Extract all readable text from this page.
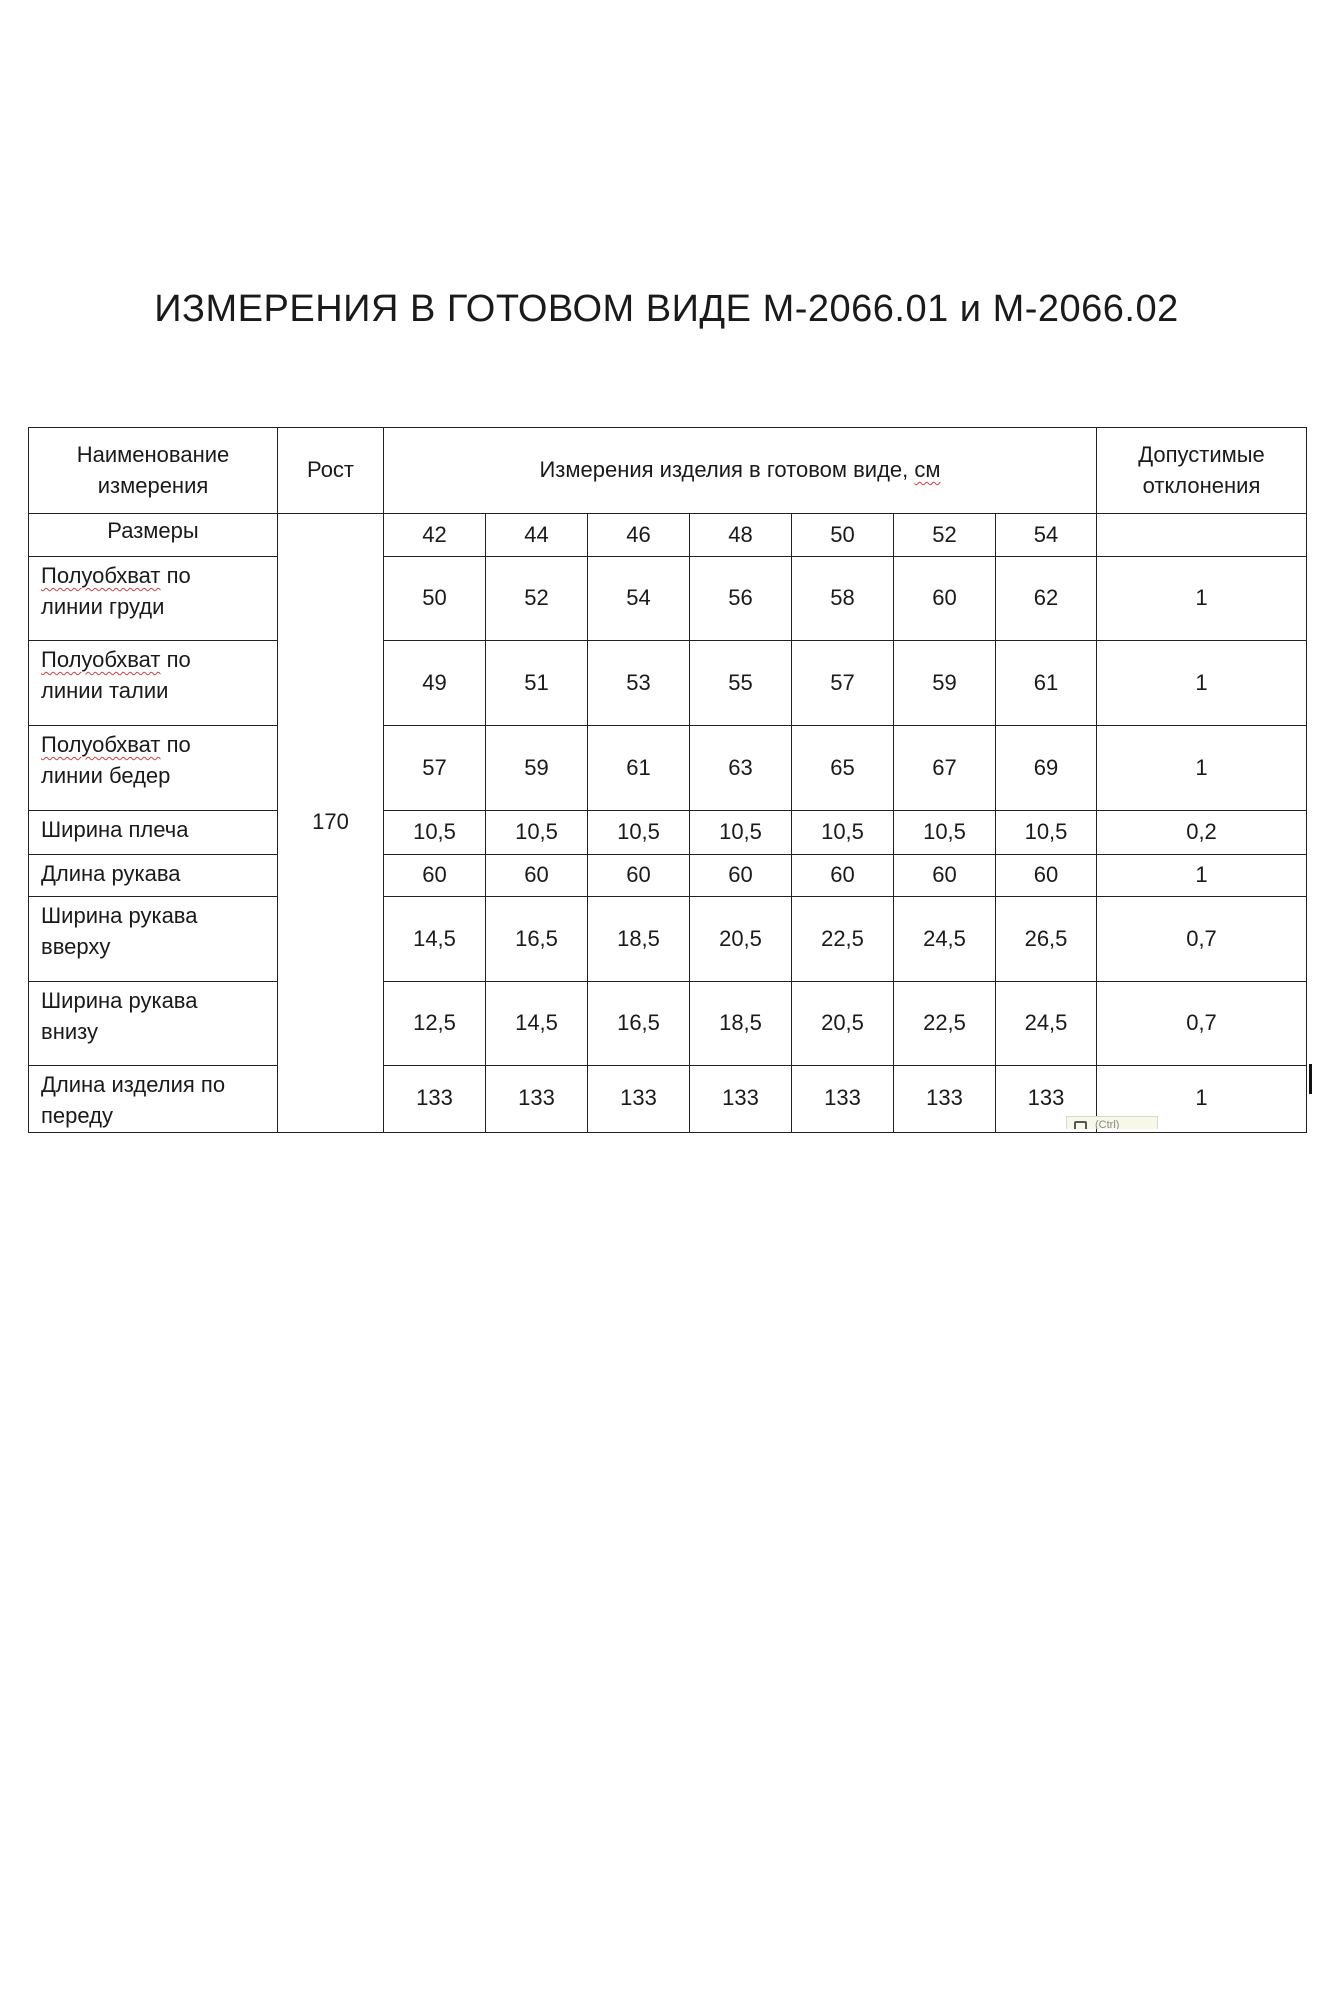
ИЗМЕРЕНИЯ В ГОТОВОМ ВИДЕ М-2066.01 и М-2066.02
Наименование измерения	Рост	Измерения изделия в готовом виде, см							Допустимые отклонения
Размеры	170	42	44	46	48	50	52	54	
Полуобхват по
линии груди		50	52	54	56	58	60	62	1
Полуобхват по
линии талии		49	51	53	55	57	59	61	1
Полуобхват по
линии бедер		57	59	61	63	65	67	69	1
Ширина плеча		10,5	10,5	10,5	10,5	10,5	10,5	10,5	0,2
Длина рукава		60	60	60	60	60	60	60	1
Ширина рукава вверху		14,5	16,5	18,5	20,5	22,5	24,5	26,5	0,7
Ширина рукава внизу		12,5	14,5	16,5	18,5	20,5	22,5	24,5	0,7
Длина изделия по переду		133	133	133	133	133	133	133	1
(Ctrl)
